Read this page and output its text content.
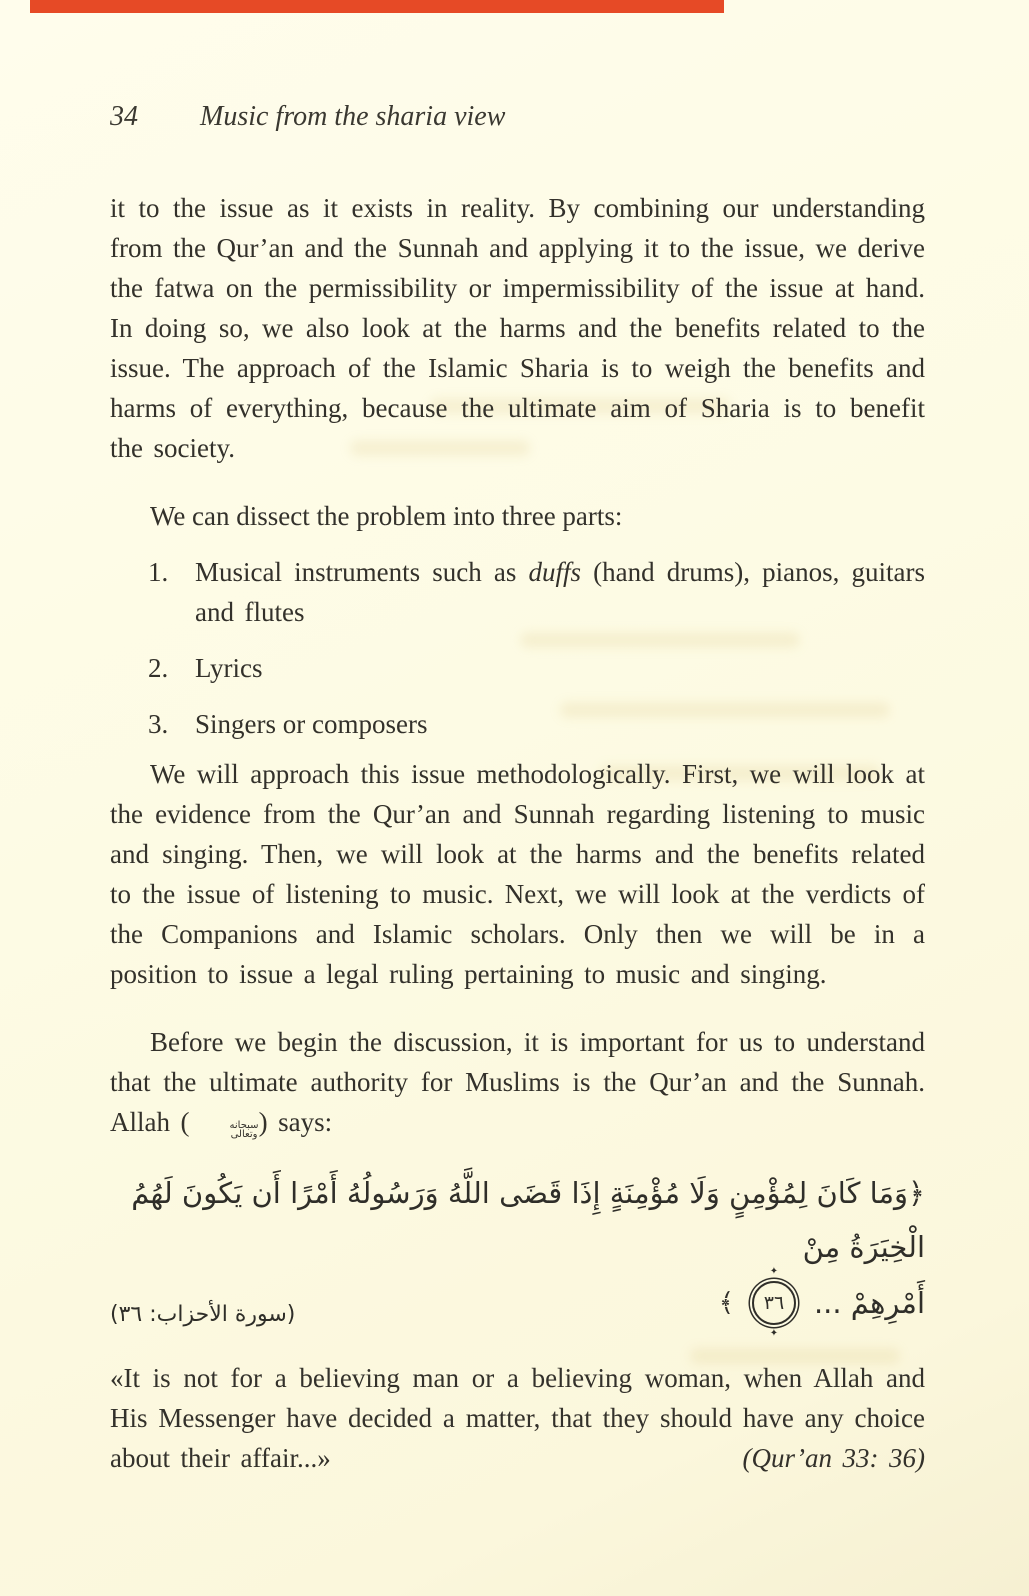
34 Music from the sharia view

it to the issue as it exists in reality. By combining our understanding from the Qur’an and the Sunnah and applying it to the issue, we derive the fatwa on the permissibility or impermissibility of the issue at hand. In doing so, we also look at the harms and the benefits related to the issue. The approach of the Islamic Sharia is to weigh the benefits and harms of everything, because the ultimate aim of Sharia is to benefit the society.

We can dissect the problem into three parts:

1. Musical instruments such as duffs (hand drums), pianos, guitars and flutes
2. Lyrics
3. Singers or composers

We will approach this issue methodologically. First, we will look at the evidence from the Qur’an and Sunnah regarding listening to music and singing. Then, we will look at the harms and the benefits related to the issue of listening to music. Next, we will look at the verdicts of the Companions and Islamic scholars. Only then we will be in a position to issue a legal ruling pertaining to music and singing.

Before we begin the discussion, it is important for us to understand that the ultimate authority for Muslims is the Qur’an and the Sunnah. Allah (	سبحانه
وتعالى ) says:

﴿وَمَا كَانَ لِمُؤْمِنٍ وَلَا مُؤْمِنَةٍ إِذَا قَضَى اللَّهُ وَرَسُولُهُ أَمْرًا أَن يَكُونَ لَهُمُ الْخِيَرَةُ مِنْ
(سورة الأحزاب: ٣٦)	أَمْرِهِمْ ...
✦ ٣٦
✦
﴾
«It is not for a believing man or a believing woman, when Allah and His Messenger have decided a matter, that they should have any choice about their affair...»	(Qur’an 33: 36)
